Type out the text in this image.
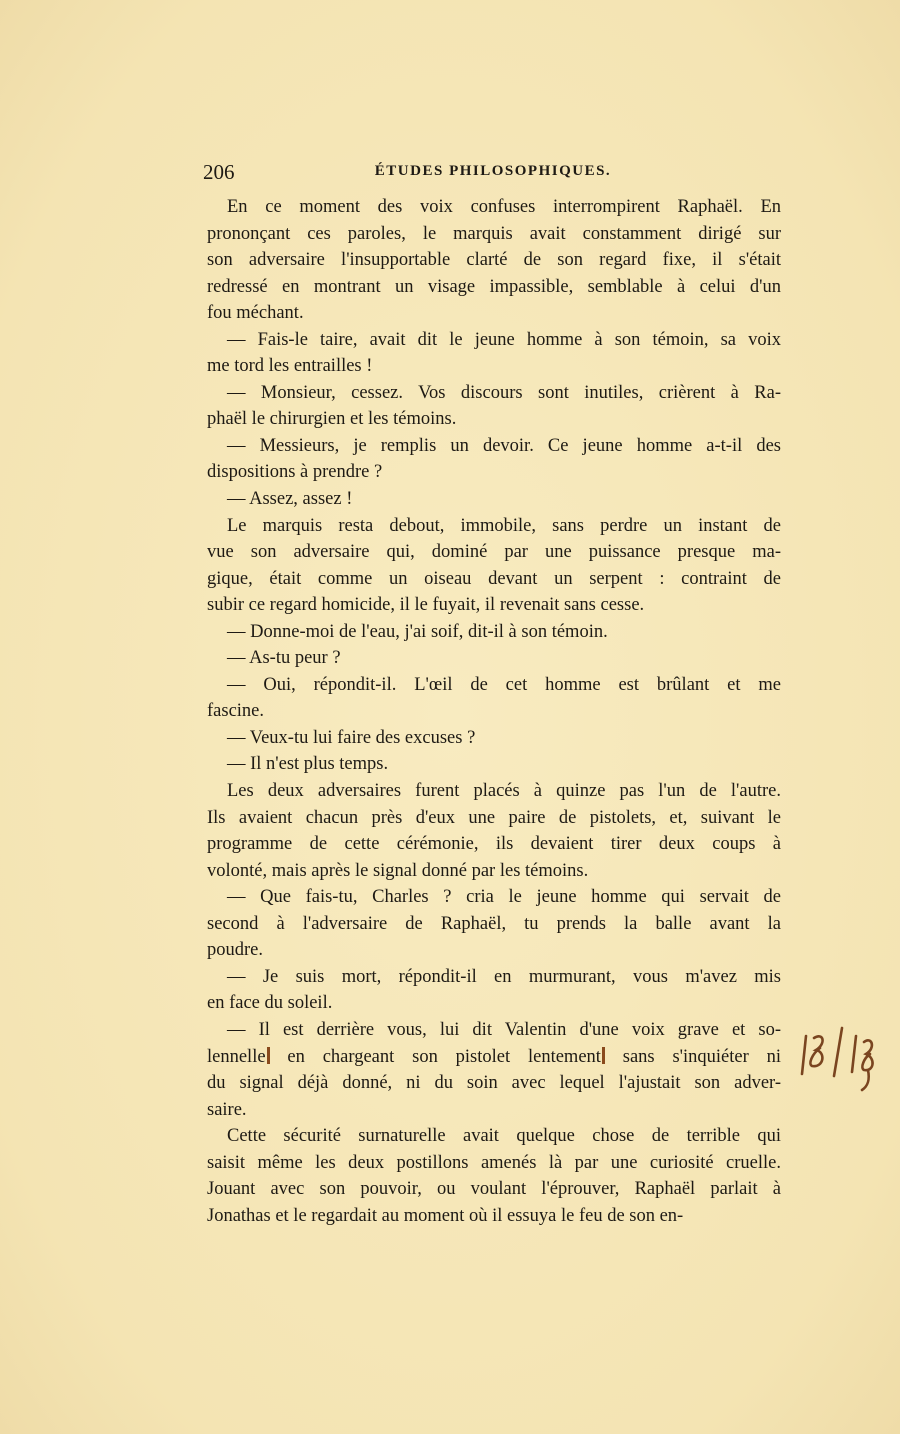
206	ÉTUDES PHILOSOPHIQUES.
En ce moment des voix confuses interrompirent Raphaël. En
prononçant ces paroles, le marquis avait constamment dirigé sur
son adversaire l'insupportable clarté de son regard fixe, il s'était
redressé en montrant un visage impassible, semblable à celui d'un
fou méchant.
— Fais-le taire, avait dit le jeune homme à son témoin, sa voix
me tord les entrailles !
— Monsieur, cessez. Vos discours sont inutiles, crièrent à Ra-
phaël le chirurgien et les témoins.
— Messieurs, je remplis un devoir. Ce jeune homme a-t-il des
dispositions à prendre ?
— Assez, assez !
Le marquis resta debout, immobile, sans perdre un instant de
vue son adversaire qui, dominé par une puissance presque ma-
gique, était comme un oiseau devant un serpent : contraint de
subir ce regard homicide, il le fuyait, il revenait sans cesse.
— Donne-moi de l'eau, j'ai soif, dit-il à son témoin.
— As-tu peur ?
— Oui, répondit-il. L'œil de cet homme est brûlant et me
fascine.
— Veux-tu lui faire des excuses ?
— Il n'est plus temps.
Les deux adversaires furent placés à quinze pas l'un de l'autre.
Ils avaient chacun près d'eux une paire de pistolets, et, suivant le
programme de cette cérémonie, ils devaient tirer deux coups à
volonté, mais après le signal donné par les témoins.
— Que fais-tu, Charles ? cria le jeune homme qui servait de
second à l'adversaire de Raphaël, tu prends la balle avant la
poudre.
— Je suis mort, répondit-il en murmurant, vous m'avez mis
en face du soleil.
— Il est derrière vous, lui dit Valentin d'une voix grave et so-
lennelle en chargeant son pistolet lentement sans s'inquiéter ni
du signal déjà donné, ni du soin avec lequel l'ajustait son adver-
saire.
Cette sécurité surnaturelle avait quelque chose de terrible qui
saisit même les deux postillons amenés là par une curiosité cruelle.
Jouant avec son pouvoir, ou voulant l'éprouver, Raphaël parlait à
Jonathas et le regardait au moment où il essuya le feu de son en-
